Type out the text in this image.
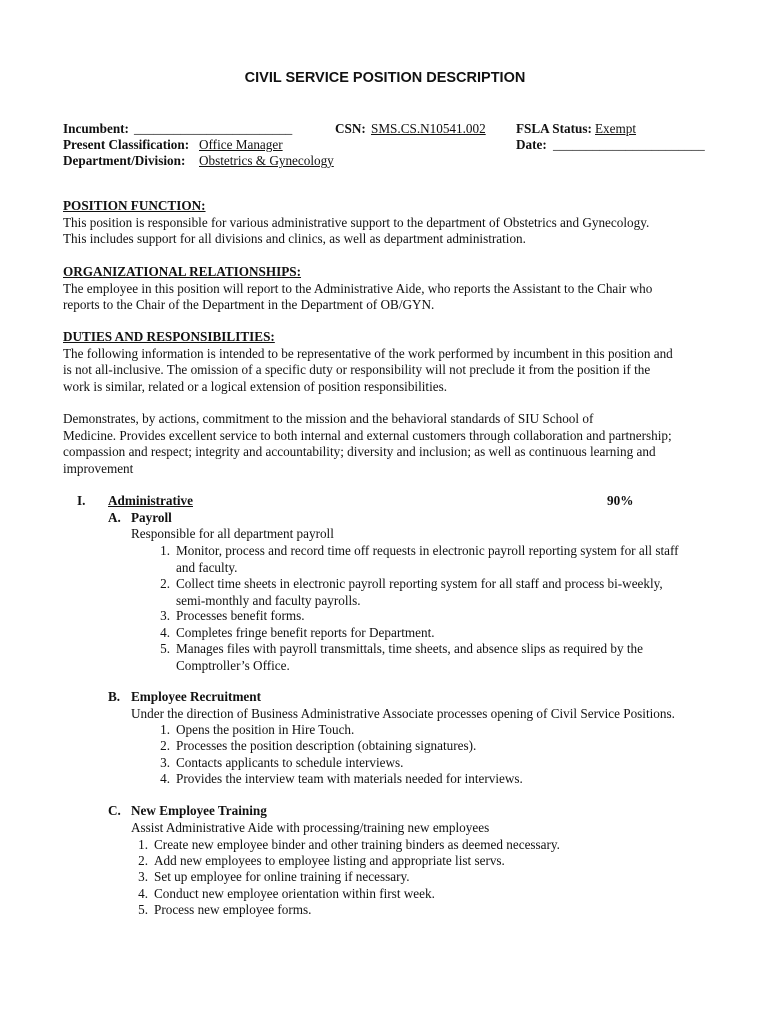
CIVIL SERVICE POSITION DESCRIPTION
Incumbent: ________________________
Present Classification: Office Manager
Department/Division: Obstetrics & Gynecology
CSN: SMS.CS.N10541.002 FSLA Status: Exempt
Date: _______________________
POSITION FUNCTION:
This position is responsible for various administrative support to the department of Obstetrics and Gynecology.
This includes support for all divisions and clinics, as well as department administration.
ORGANIZATIONAL RELATIONSHIPS:
The employee in this position will report to the Administrative Aide, who reports the Assistant to the Chair who
reports to the Chair of the Department in the Department of OB/GYN.
DUTIES AND RESPONSIBILITIES:
The following information is intended to be representative of the work performed by incumbent in this position and
is not all-inclusive. The omission of a specific duty or responsibility will not preclude it from the position if the
work is similar, related or a logical extension of position responsibilities.
Demonstrates, by actions, commitment to the mission and the behavioral standards of SIU School of
Medicine. Provides excellent service to both internal and external customers through collaboration and partnership;
compassion and respect; integrity and accountability; diversity and inclusion; as well as continuous learning and
improvement
I. Administrative	90%
A. Payroll
Responsible for all department payroll
1. Monitor, process and record time off requests in electronic payroll reporting system for all staff
and faculty.
2. Collect time sheets in electronic payroll reporting system for all staff and process bi-weekly,
semi-monthly and faculty payrolls.
3. Processes benefit forms.
4. Completes fringe benefit reports for Department.
5. Manages files with payroll transmittals, time sheets, and absence slips as required by the
Comptroller’s Office.
B. Employee Recruitment
Under the direction of Business Administrative Associate processes opening of Civil Service Positions.
1. Opens the position in Hire Touch.
2. Processes the position description (obtaining signatures).
3. Contacts applicants to schedule interviews.
4. Provides the interview team with materials needed for interviews.
C. New Employee Training
Assist Administrative Aide with processing/training new employees
1. Create new employee binder and other training binders as deemed necessary.
2. Add new employees to employee listing and appropriate list servs.
3. Set up employee for online training if necessary.
4. Conduct new employee orientation within first week.
5. Process new employee forms.
